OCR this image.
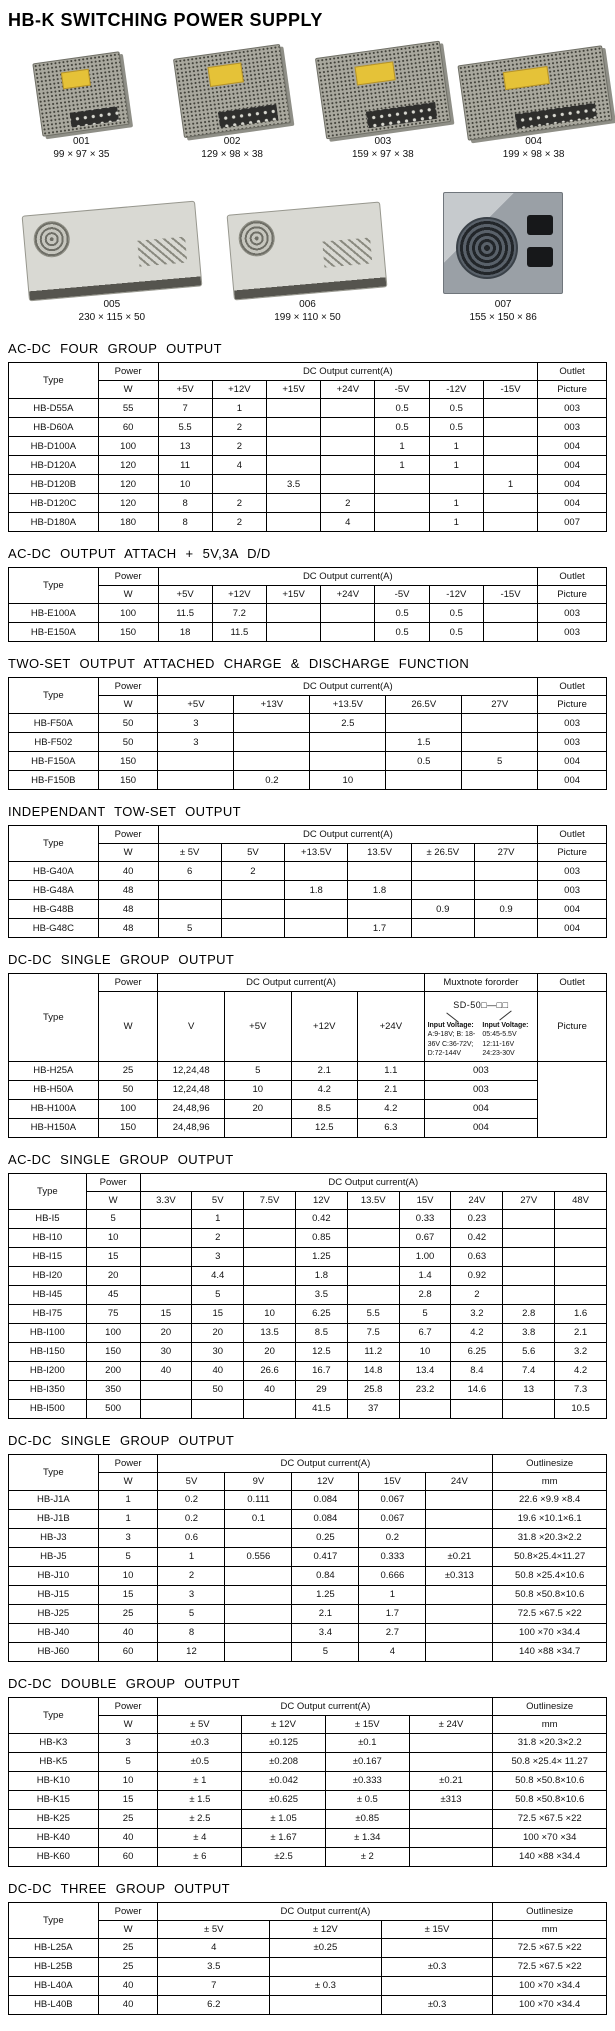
HB-K SWITCHING POWER SUPPLY
001
99 × 97 × 35
002
129 × 98 × 38
003
159 × 97 × 38
004
199 × 98 × 38
005
230 × 115 × 50
006
199 × 110 × 50
007
155 × 150 × 86
AC-DC FOUR GROUP OUTPUT
Type	Power	DC Output current(A)							Outlet
	W	+5V	+12V	+15V	+24V	-5V	-12V	-15V	Picture
HB-D55A	55	7	1			0.5	0.5		003
HB-D60A	60	5.5	2			0.5	0.5		003
HB-D100A	100	13	2			1	1		004
HB-D120A	120	11	4			1	1		004
HB-D120B	120	10		3.5				1	004
HB-D120C	120	8	2		2		1		004
HB-D180A	180	8	2		4		1		007
AC-DC OUTPUT ATTACH + 5V,3A D/D
Type	Power	DC Output current(A)							Outlet
	W	+5V	+12V	+15V	+24V	-5V	-12V	-15V	Picture
HB-E100A	100	11.5	7.2			0.5	0.5		003
HB-E150A	150	18	11.5			0.5	0.5		003
TWO-SET OUTPUT ATTACHED CHARGE & DISCHARGE FUNCTION
Type	Power	DC Output current(A)					Outlet
	W	+5V	+13V	+13.5V	26.5V	27V	Picture
HB-F50A	50	3		2.5			003
HB-F502	50	3			1.5		003
HB-F150A	150				0.5	5	004
HB-F150B	150		0.2	10			004
INDEPENDANT TOW-SET OUTPUT
Type	Power	DC Output current(A)						Outlet
	W	± 5V	5V	+13.5V	13.5V	± 26.5V	27V	Picture
HB-G40A	40	6	2					003
HB-G48A	48			1.8	1.8			003
HB-G48B	48					0.9	0.9	004
HB-G48C	48	5			1.7			004
DC-DC SINGLE GROUP OUTPUT
Type	Power	DC Output current(A)				Muxtnote fororder	Outlet
	W	V	+5V	+12V	+24V	SD-50□—□□
Input Voltage:
A:9-18V; B: 18-36V C:36-72V; D:72-144V
Input Voltage:
05:45-5.5V 12:11-16V 24:23-30V	Picture
HB-H25A	25	12,24,48	5	2.1	1.1	003	
HB-H50A	50	12,24,48	10	4.2	2.1	003	
HB-H100A	100	24,48,96	20	8.5	4.2	004	
HB-H150A	150	24,48,96		12.5	6.3	004	
AC-DC SINGLE GROUP OUTPUT
Type	Power	DC Output current(A)								
	W	3.3V	5V	7.5V	12V	13.5V	15V	24V	27V	48V
HB-I5	5		1		0.42		0.33	0.23		
HB-I10	10		2		0.85		0.67	0.42		
HB-I15	15		3		1.25		1.00	0.63		
HB-I20	20		4.4		1.8		1.4	0.92		
HB-I45	45		5		3.5		2.8	2		
HB-I75	75	15	15	10	6.25	5.5	5	3.2	2.8	1.6
HB-I100	100	20	20	13.5	8.5	7.5	6.7	4.2	3.8	2.1
HB-I150	150	30	30	20	12.5	11.2	10	6.25	5.6	3.2
HB-I200	200	40	40	26.6	16.7	14.8	13.4	8.4	7.4	4.2
HB-I350	350		50	40	29	25.8	23.2	14.6	13	7.3
HB-I500	500				41.5	37				10.5
DC-DC SINGLE GROUP OUTPUT
Type	Power	DC Output current(A)					Outlinesize
	W	5V	9V	12V	15V	24V	mm
HB-J1A	1	0.2	0.111	0.084	0.067		22.6 ×9.9 ×8.4
HB-J1B	1	0.2	0.1	0.084	0.067		19.6 ×10.1×6.1
HB-J3	3	0.6		0.25	0.2		31.8 ×20.3×2.2
HB-J5	5	1	0.556	0.417	0.333	±0.21	50.8×25.4×11.27
HB-J10	10	2		0.84	0.666	±0.313	50.8 ×25.4×10.6
HB-J15	15	3		1.25	1		50.8 ×50.8×10.6
HB-J25	25	5		2.1	1.7		72.5 ×67.5 ×22
HB-J40	40	8		3.4	2.7		100 ×70 ×34.4
HB-J60	60	12		5	4		140 ×88 ×34.7
DC-DC DOUBLE GROUP OUTPUT
Type	Power	DC Output current(A)				Outlinesize
	W	± 5V	± 12V	± 15V	± 24V	mm
HB-K3	3	±0.3	±0.125	±0.1		31.8 ×20.3×2.2
HB-K5	5	±0.5	±0.208	±0.167		50.8 ×25.4× 11.27
HB-K10	10	± 1	±0.042	±0.333	±0.21	50.8 ×50.8×10.6
HB-K15	15	± 1.5	±0.625	± 0.5	±313	50.8 ×50.8×10.6
HB-K25	25	± 2.5	± 1.05	±0.85		72.5 ×67.5 ×22
HB-K40	40	± 4	± 1.67	± 1.34		100 ×70 ×34
HB-K60	60	± 6	±2.5	± 2		140 ×88 ×34.4
DC-DC THREE GROUP OUTPUT
Type	Power	DC Output current(A)			Outlinesize
	W	± 5V	± 12V	± 15V	mm
HB-L25A	25	4	±0.25		72.5 ×67.5 ×22
HB-L25B	25	3.5		±0.3	72.5 ×67.5 ×22
HB-L40A	40	7	± 0.3		100 ×70 ×34.4
HB-L40B	40	6.2		±0.3	100 ×70 ×34.4
